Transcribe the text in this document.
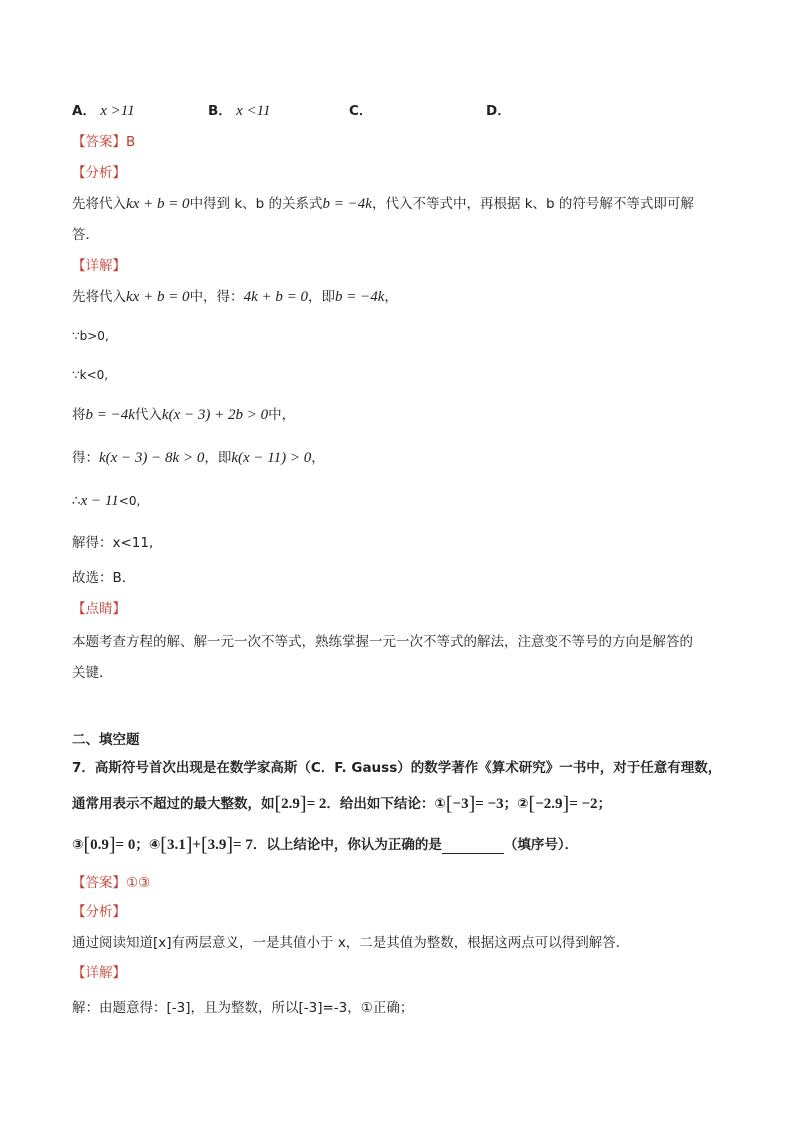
A． x >11	B． x <11	C．	D．
【答案】B
【分析】
先将代入kx + b = 0中得到 k、b 的关系式b = −4k，代入不等式中，再根据 k、b 的符号解不等式即可解
答．
【详解】
先将代入kx + b = 0中，得：4k + b = 0，即b = −4k，
∵b>0,
∵k<0,
将b = −4k代入k(x − 3) + 2b > 0中，
得：k(x − 3) − 8k > 0，即k(x − 11) > 0，
∴x − 11<0,
解得：x<11,
故选：B．
【点睛】
本题考查方程的解、解一元一次不等式，熟练掌握一元一次不等式的解法，注意变不等号的方向是解答的
关键．
二、填空题
7．高斯符号首次出现是在数学家高斯（C．F. Gauss）的数学著作《算术研究》一书中，对于任意有理数，
通常用表示不超过的最大整数，如[2.9]= 2．给出如下结论：①[−3]= −3；②[−2.9]= −2；
③[0.9]= 0；④[3.1]+[3.9]= 7．以上结论中，你认为正确的是	（填序号）．
【答案】①③
【分析】
通过阅读知道[x]有两层意义，一是其值小于 x，二是其值为整数，根据这两点可以得到解答．
【详解】
解：由题意得：[-3]，且为整数，所以[-3]=-3，①正确；
